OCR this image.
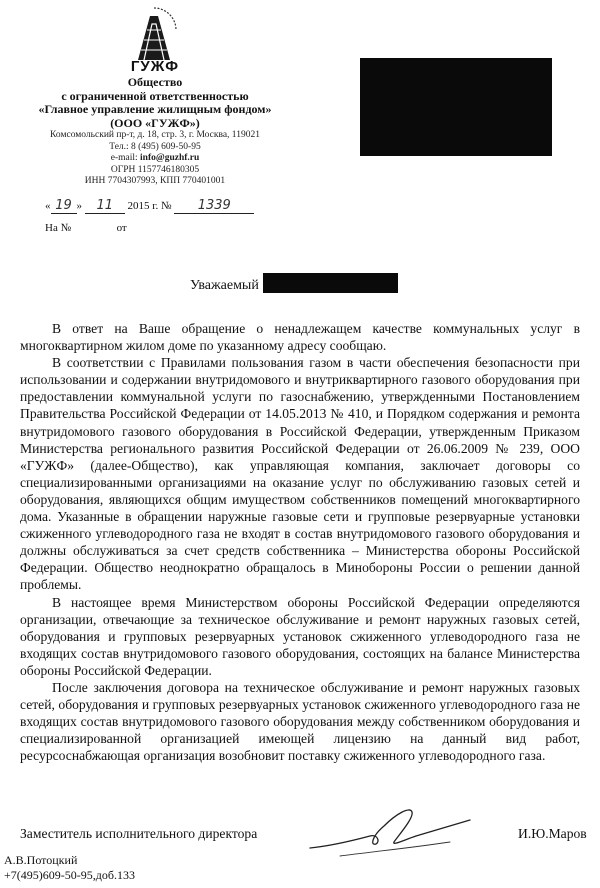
ГУЖФ
Общество
с ограниченной ответственностью
«Главное управление жилищным фондом»
(ООО «ГУЖФ»)
Комсомольский пр-т, д. 18, стр. 3, г. Москва, 119021
Тел.: 8 (495) 609-50-95
e-mail: info@guzhf.ru
ОГРН 1157746180305
ИНН 7704307993, КПП 770401001
« 19 » 11 2015 г. № 1339
На №	от
Уважаемый

В ответ на Ваше обращение о ненадлежащем качестве коммунальных услуг в многоквартирном жилом доме по указанному адресу сообщаю.

В соответствии с Правилами пользования газом в части обеспечения безопасности при использовании и содержании внутридомового и внутриквартирного газового оборудования при предоставлении коммунальной услуги по газоснабжению, утвержденными Постановлением Правительства Российской Федерации от 14.05.2013 № 410, и Порядком содержания и ремонта внутридомового газового оборудования в Российской Федерации, утвержденным Приказом Министерства регионального развития Российской Федерации от 26.06.2009 № 239, ООО «ГУЖФ» (далее-Общество), как управляющая компания, заключает договоры со специализированными организациями на оказание услуг по обслуживанию газовых сетей и оборудования, являющихся общим имуществом собственников помещений многоквартирного дома. Указанные в обращении наружные газовые сети и групповые резервуарные установки сжиженного углеводородного газа не входят в состав внутридомового газового оборудования и должны обслуживаться за счет средств собственника – Министерства обороны Российской Федерации. Общество неоднократно обращалось в Минобороны России о решении данной проблемы.

В настоящее время Министерством обороны Российской Федерации определяются организации, отвечающие за техническое обслуживание и ремонт наружных газовых сетей, оборудования и групповых резервуарных установок сжиженного углеводородного газа не входящих состав внутридомового газового оборудования, состоящих на балансе Министерства обороны Российской Федерации.

После заключения договора на техническое обслуживание и ремонт наружных газовых сетей, оборудования и групповых резервуарных установок сжиженного углеводородного газа не входящих состав внутридомового газового оборудования между собственником оборудования и специализированной организацией имеющей лицензию на данный вид работ, ресурсоснабжающая организация возобновит поставку сжиженного углеводородного газа.

Заместитель исполнительного директора	И.Ю.Маров
А.В.Потоцкий
+7(495)609-50-95,доб.133
